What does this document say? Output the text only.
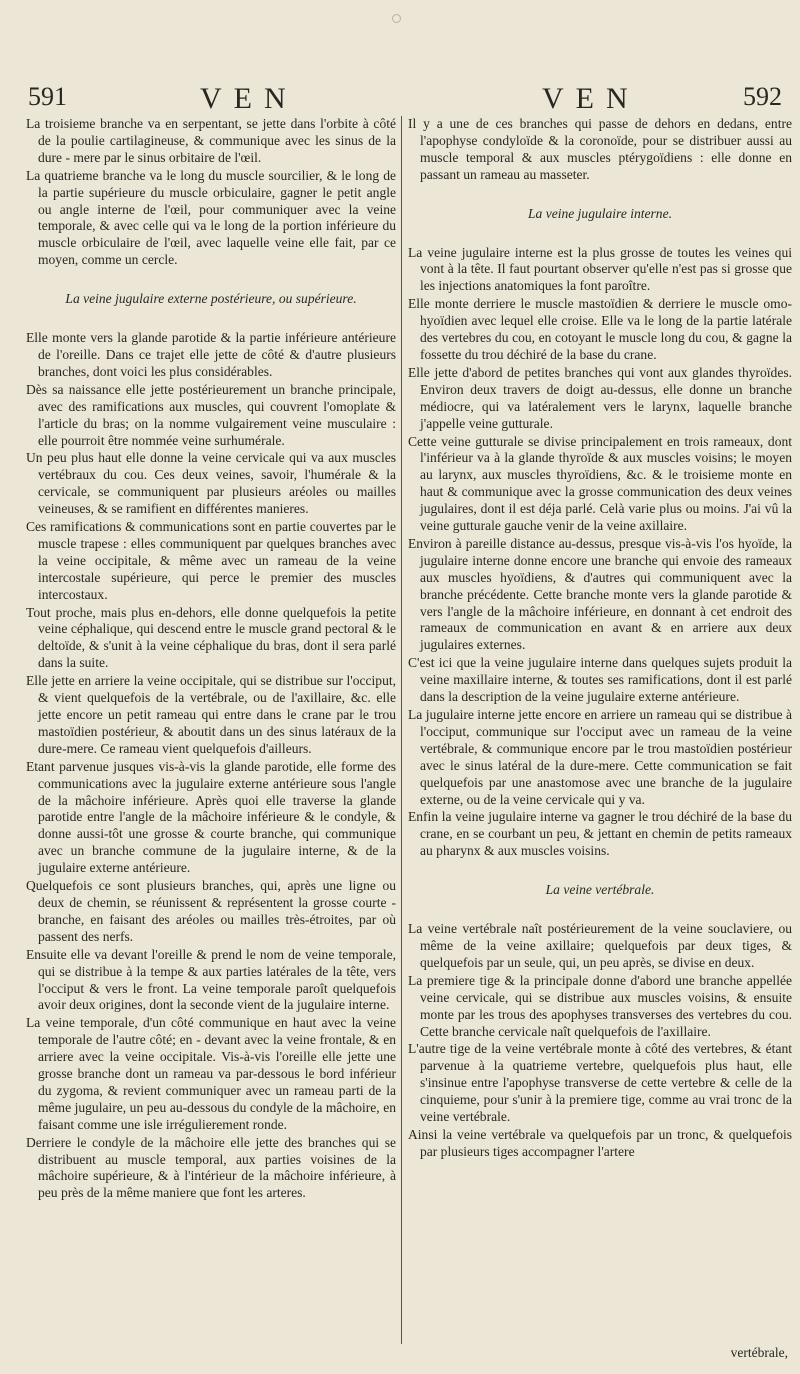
591	VEN	VEN	592

La troisieme branche va en serpentant, se jette dans l'orbite à côté de la poulie cartilagineuse, & communique avec les sinus de la dure - mere par le sinus orbitaire de l'œil.

La quatrieme branche va le long du muscle sourcilier, & le long de la partie supérieure du muscle orbiculaire, gagner le petit angle ou angle interne de l'œil, pour communiquer avec la veine temporale, & avec celle qui va le long de la portion inférieure du muscle orbiculaire de l'œil, avec laquelle veine elle fait, par ce moyen, comme un cercle.

La veine jugulaire externe postérieure, ou supérieure.

Elle monte vers la glande parotide & la partie inférieure antérieure de l'oreille. Dans ce trajet elle jette de côté & d'autre plusieurs branches, dont voici les plus considérables.

Dès sa naissance elle jette postérieurement un branche principale, avec des ramifications aux muscles, qui couvrent l'omoplate & l'article du bras; on la nomme vulgairement veine musculaire : elle pourroit être nommée veine surhumérale.

Un peu plus haut elle donne la veine cervicale qui va aux muscles vertébraux du cou. Ces deux veines, savoir, l'humérale & la cervicale, se communiquent par plusieurs aréoles ou mailles veineuses, & se ramifient en différentes manieres.

Ces ramifications & communications sont en partie couvertes par le muscle trapese : elles communiquent par quelques branches avec la veine occipitale, & même avec un rameau de la veine intercostale supérieure, qui perce le premier des muscles intercostaux.

Tout proche, mais plus en-dehors, elle donne quelquefois la petite veine céphalique, qui descend entre le muscle grand pectoral & le deltoïde, & s'unit à la veine céphalique du bras, dont il sera parlé dans la suite.

Elle jette en arriere la veine occipitale, qui se distribue sur l'occiput, & vient quelquefois de la vertébrale, ou de l'axillaire, &c. elle jette encore un petit rameau qui entre dans le crane par le trou mastoïdien postérieur, & aboutit dans un des sinus latéraux de la dure-mere. Ce rameau vient quelquefois d'ailleurs.

Etant parvenue jusques vis-à-vis la glande parotide, elle forme des communications avec la jugulaire externe antérieure sous l'angle de la mâchoire inférieure. Après quoi elle traverse la glande parotide entre l'angle de la mâchoire inférieure & le condyle, & donne aussi-tôt une grosse & courte branche, qui communique avec un branche commune de la jugulaire interne, & de la jugulaire externe antérieure.

Quelquefois ce sont plusieurs branches, qui, après une ligne ou deux de chemin, se réunissent & représentent la grosse courte - branche, en faisant des aréoles ou mailles très-étroites, par où passent des nerfs.

Ensuite elle va devant l'oreille & prend le nom de veine temporale, qui se distribue à la tempe & aux parties latérales de la tête, vers l'occiput & vers le front. La veine temporale paroît quelquefois avoir deux origines, dont la seconde vient de la jugulaire interne.

La veine temporale, d'un côté communique en haut avec la veine temporale de l'autre côté; en - devant avec la veine frontale, & en arriere avec la veine occipitale. Vis-à-vis l'oreille elle jette une grosse branche dont un rameau va par-dessous le bord inférieur du zygoma, & revient communiquer avec un rameau parti de la même jugulaire, un peu au-dessous du condyle de la mâchoire, en faisant comme une isle irrégulierement ronde.

Derriere le condyle de la mâchoire elle jette des branches qui se distribuent au muscle temporal, aux parties voisines de la mâchoire supérieure, & à l'intérieur de la mâchoire inférieure, à peu près de la même maniere que font les arteres.

Il y a une de ces branches qui passe de dehors en dedans, entre l'apophyse condyloïde & la coronoïde, pour se distribuer aussi au muscle temporal & aux muscles ptérygoïdiens : elle donne en passant un rameau au masseter.

La veine jugulaire interne.

La veine jugulaire interne est la plus grosse de toutes les veines qui vont à la tête. Il faut pourtant observer qu'elle n'est pas si grosse que les injections anatomiques la font paroître.

Elle monte derriere le muscle mastoïdien & derriere le muscle omo-hyoïdien avec lequel elle croise. Elle va le long de la partie latérale des vertebres du cou, en cotoyant le muscle long du cou, & gagne la fossette du trou déchiré de la base du crane.

Elle jette d'abord de petites branches qui vont aux glandes thyroïdes. Environ deux travers de doigt au-dessus, elle donne un branche médiocre, qui va latéralement vers le larynx, laquelle branche j'appelle veine gutturale.

Cette veine gutturale se divise principalement en trois rameaux, dont l'inférieur va à la glande thyroïde & aux muscles voisins; le moyen au larynx, aux muscles thyroïdiens, &c. & le troisieme monte en haut & communique avec la grosse communication des deux veines jugulaires, dont il est déja parlé. Celà varie plus ou moins. J'ai vû la veine gutturale gauche venir de la veine axillaire.

Environ à pareille distance au-dessus, presque vis-à-vis l'os hyoïde, la jugulaire interne donne encore une branche qui envoie des rameaux aux muscles hyoïdiens, & d'autres qui communiquent avec la branche précédente. Cette branche monte vers la glande parotide & vers l'angle de la mâchoire inférieure, en donnant à cet endroit des rameaux de communication en avant & en arriere aux deux jugulaires externes.

C'est ici que la veine jugulaire interne dans quelques sujets produit la veine maxillaire interne, & toutes ses ramifications, dont il est parlé dans la description de la veine jugulaire externe antérieure.

La jugulaire interne jette encore en arriere un rameau qui se distribue à l'occiput, communique sur l'occiput avec un rameau de la veine vertébrale, & communique encore par le trou mastoïdien postérieur avec le sinus latéral de la dure-mere. Cette communication se fait quelquefois par une anastomose avec une branche de la jugulaire externe, ou de la veine cervicale qui y va.

Enfin la veine jugulaire interne va gagner le trou déchiré de la base du crane, en se courbant un peu, & jettant en chemin de petits rameaux au pharynx & aux muscles voisins.

La veine vertébrale.

La veine vertébrale naît postérieurement de la veine souclaviere, ou même de la veine axillaire; quelquefois par deux tiges, & quelquefois par un seule, qui, un peu après, se divise en deux.

La premiere tige & la principale donne d'abord une branche appellée veine cervicale, qui se distribue aux muscles voisins, & ensuite monte par les trous des apophyses transverses des vertebres du cou. Cette branche cervicale naît quelquefois de l'axillaire.

L'autre tige de la veine vertébrale monte à côté des vertebres, & étant parvenue à la quatrieme vertebre, quelquefois plus haut, elle s'insinue entre l'apophyse transverse de cette vertebre & celle de la cinquieme, pour s'unir à la premiere tige, comme au vrai tronc de la veine vertébrale.

Ainsi la veine vertébrale va quelquefois par un tronc, & quelquefois par plusieurs tiges accompagner l'artere

vertébrale,
